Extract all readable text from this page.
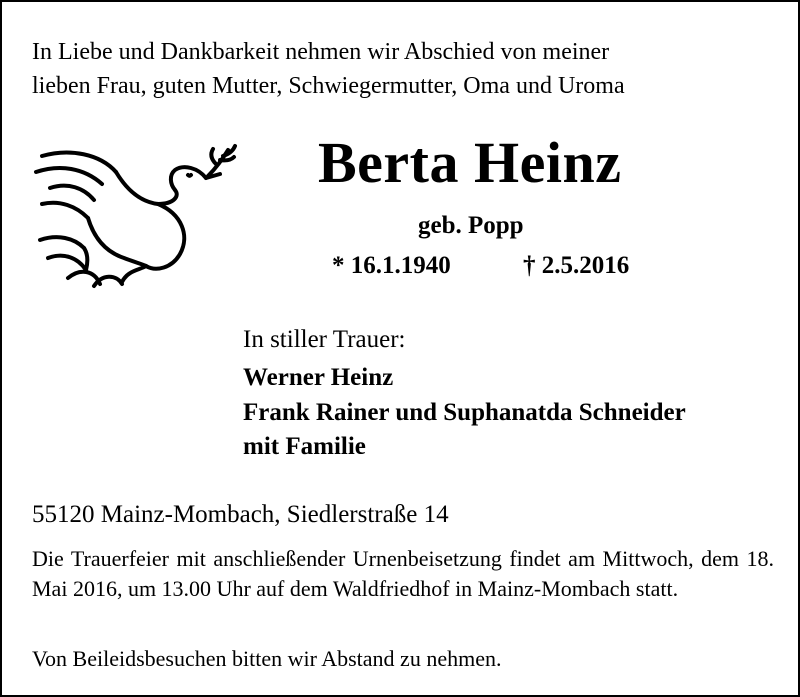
In Liebe und Dankbarkeit nehmen wir Abschied von meiner

lieben Frau, guten Mutter, Schwiegermutter, Oma und Uroma

Berta Heinz

geb. Popp

* 16.1.1940	† 2.5.2016

In stiller Trauer:

Werner Heinz

Frank Rainer und Suphanatda Schneider

mit Familie

55120 Mainz-Mombach, Siedlerstraße 14

Die Trauerfeier mit anschließender Urnenbeisetzung findet am Mittwoch, dem 18. Mai 2016, um 13.00 Uhr auf dem Waldfriedhof in Mainz-Mombach statt.

Von Beileidsbesuchen bitten wir Abstand zu nehmen.
